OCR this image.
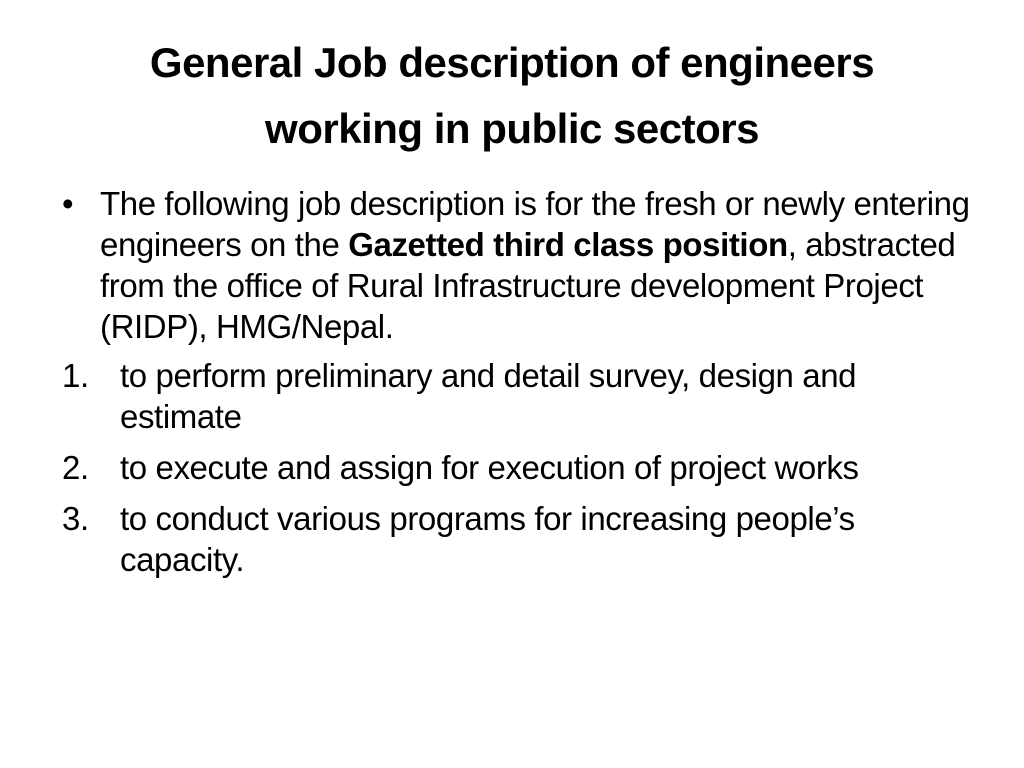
General Job description of engineers
working in public sectors
• The following job description is for the fresh or newly entering engineers on the Gazetted third class position, abstracted from the office of Rural Infrastructure development Project (RIDP), HMG/Nepal.
1. to perform preliminary and detail survey, design and estimate
2. to execute and assign for execution of project works
3. to conduct various programs for increasing people’s capacity.
